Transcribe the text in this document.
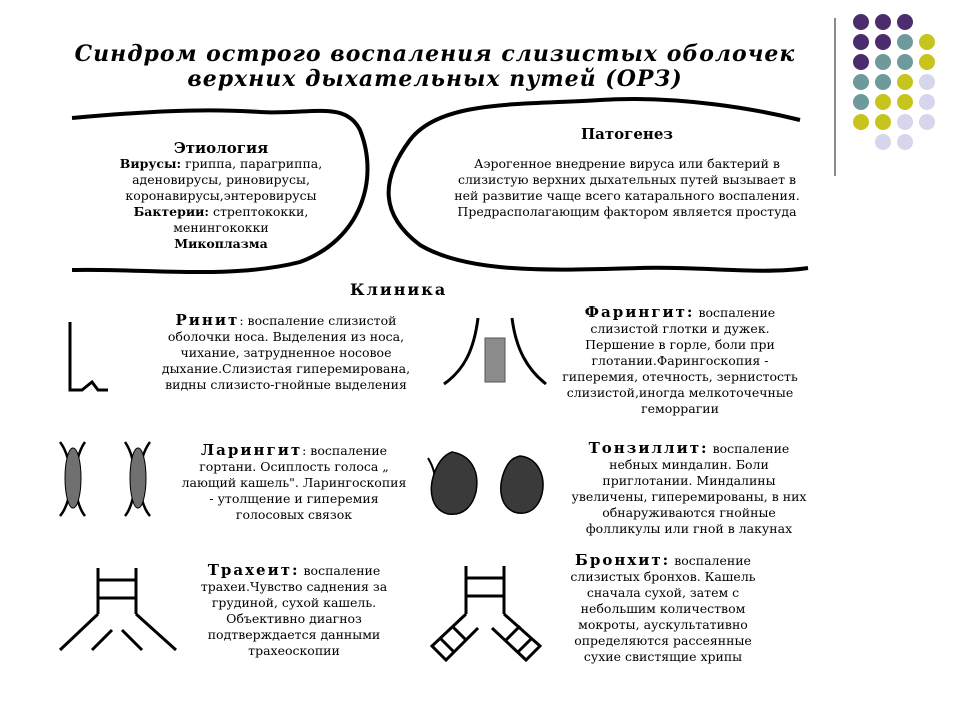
Синдром острого воспаления слизистых оболочек
верхних дыхательных путей (ОРЗ)
Этиология
Вирусы: гриппа, парагриппа, аденовирусы, риновирусы, коронавирусы,энтеровирусы
Бактерии: стрептококки, менингококки
Микоплазма
Патогенез
Аэрогенное внедрение вируса или бактерий в слизистую верхних дыхательных путей вызывает в ней развитие чаще всего катарального воспаления. Предрасполагающим фактором является простуда
Клиника
Ринит: воспаление слизистой оболочки носа. Выделения из носа, чихание, затрудненное носовое дыхание.Слизистая гиперемирована, видны слизисто-гнойные выделения
Фарингит: воспаление слизистой глотки и дужек. Першение в горле, боли при глотании.Фарингоскопия - гиперемия, отечность, зернистость слизистой,иногда мелкоточечные геморрагии
Ларингит: воспаление гортани. Осиплость голоса „ лающий кашель". Ларингоскопия - утолщение и гиперемия голосовых связок
Тонзиллит: воспаление небных миндалин. Боли приглотании. Миндалины увеличены, гиперемированы, в них обнаруживаются гнойные фолликулы или гной в лакунах
Трахеит: воспаление трахеи.Чувство саднения за грудиной, сухой кашель. Объективно диагноз подтверждается данными трахеоскопии
Бронхит: воспаление слизистых бронхов. Кашель сначала сухой, затем с небольшим количеством мокроты, аускультативно определяются рассеянные сухие свистящие хрипы
